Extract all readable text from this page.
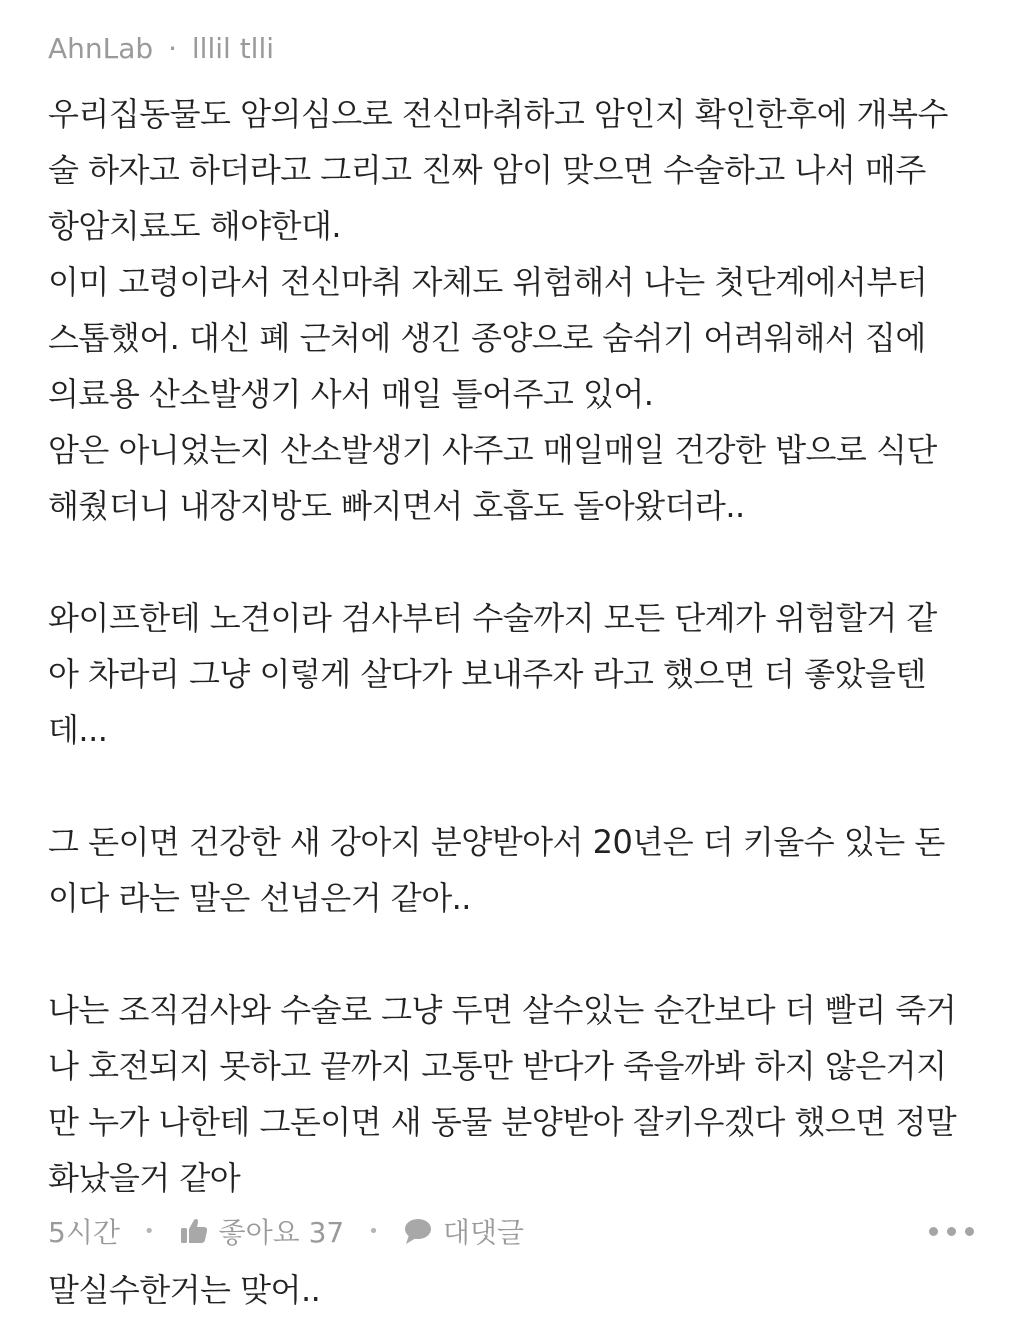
AhnLab · lllil tlli
우리집동물도 암의심으로 전신마취하고 암인지 확인한후에 개복수
술 하자고 하더라고 그리고 진짜 암이 맞으면 수술하고 나서 매주
항암치료도 해야한대.
이미 고령이라서 전신마취 자체도 위험해서 나는 첫단계에서부터
스톱했어. 대신 폐 근처에 생긴 종양으로 숨쉬기 어려워해서 집에
의료용 산소발생기 사서 매일 틀어주고 있어.
암은 아니었는지 산소발생기 사주고 매일매일 건강한 밥으로 식단
해줬더니 내장지방도 빠지면서 호흡도 돌아왔더라..
와이프한테 노견이라 검사부터 수술까지 모든 단계가 위험할거 같
아 차라리 그냥 이렇게 살다가 보내주자 라고 했으면 더 좋았을텐
데...
그 돈이면 건강한 새 강아지 분양받아서 20년은 더 키울수 있는 돈
이다 라는 말은 선넘은거 같아..
나는 조직검사와 수술로 그냥 두면 살수있는 순간보다 더 빨리 죽거
나 호전되지 못하고 끝까지 고통만 받다가 죽을까봐 하지 않은거지
만 누가 나한테 그돈이면 새 동물 분양받아 잘키우겠다 했으면 정말
화났을거 같아
말실수한거는 맞어..
5시간 • 좋아요 37 • 대댓글
